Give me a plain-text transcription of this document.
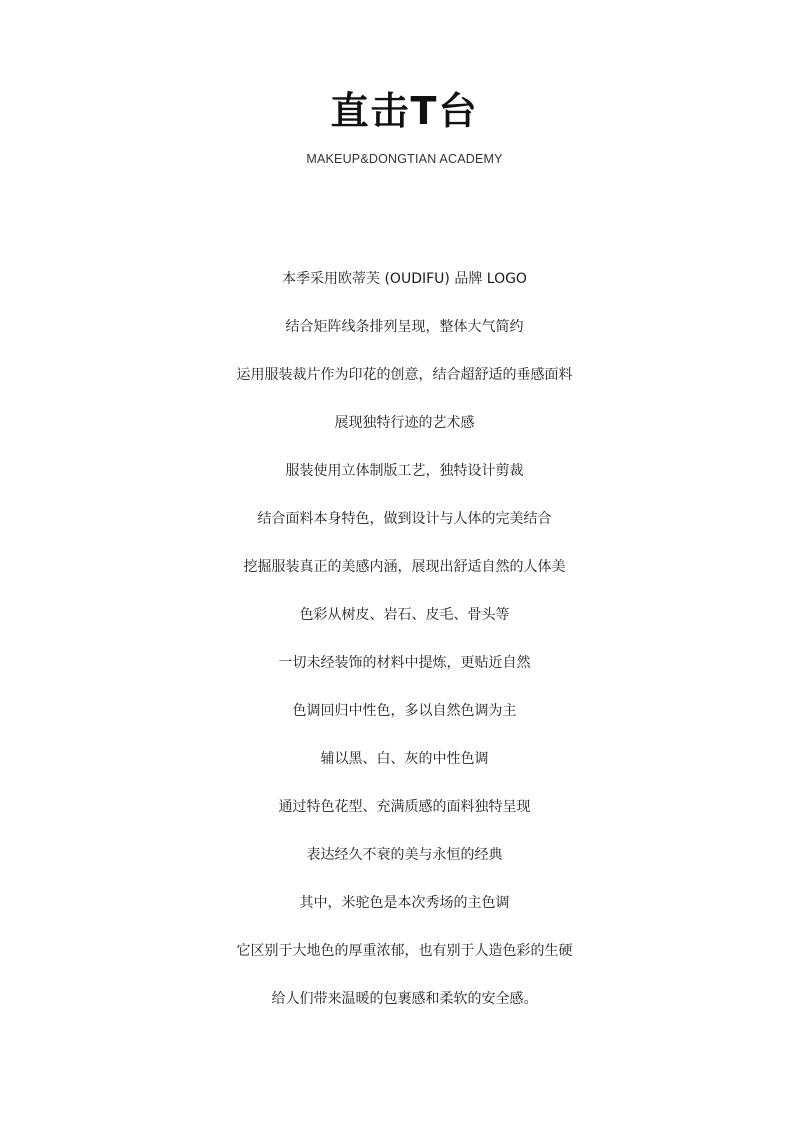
直击T台
MAKEUP&DONGTIAN ACADEMY
本季采用欧蒂芙 (OUDIFU) 品牌 LOGO
结合矩阵线条排列呈现，整体大气简约
运用服装裁片作为印花的创意，结合超舒适的垂感面料
展现独特行迹的艺术感
服装使用立体制版工艺，独特设计剪裁
结合面料本身特色，做到设计与人体的完美结合
挖掘服装真正的美感内涵，展现出舒适自然的人体美
色彩从树皮、岩石、皮毛、骨头等
一切未经装饰的材料中提炼，更贴近自然
色调回归中性色，多以自然色调为主
辅以黑、白、灰的中性色调
通过特色花型、充满质感的面料独特呈现
表达经久不衰的美与永恒的经典
其中，米驼色是本次秀场的主色调
它区别于大地色的厚重浓郁，也有别于人造色彩的生硬
给人们带来温暖的包裹感和柔软的安全感。
